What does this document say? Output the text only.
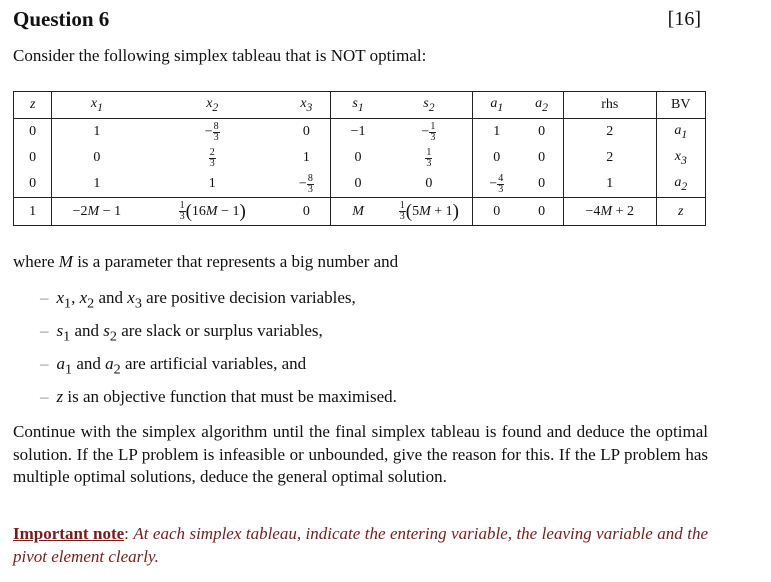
Question 6	[16]
Consider the following simplex tableau that is NOT optimal:
z	$x_1$	$x_2$	$x_3$	$s_1$	$s_2$	$a_1$	$a_2$	rhs	BV
0	1	− $\frac{8}{3}$	0	−1	− $\frac{1}{3}$	1	0	2	$a_1$
0	0	$\frac{2}{3}$	1	0	$\frac{1}{3}$	0	0	2	$x_3$
0	1	1	− $\frac{8}{3}$	0	0	− $\frac{4}{3}$	0	1	$a_2$
1	−2M − 1	$\frac{1}{3} (16M - 1)$	0	M	$\frac{1}{3} (5M + 1)$	0	0	−4M + 2	z
where M is a parameter that represents a big number and
– $x_1$, $x_2$ and $x_3$ are positive decision variables,
– $s_1$ and $s_2$ are slack or surplus variables,
– $a_1$ and $a_2$ are artificial variables, and
– z is an objective function that must be maximised.
Continue with the simplex algorithm until the final simplex tableau is found and deduce the optimal solution. If the LP problem is infeasible or unbounded, give the reason for this. If the LP problem has multiple optimal solutions, deduce the general optimal solution.
Important note: At each simplex tableau, indicate the entering variable, the leaving variable and the pivot element clearly.
